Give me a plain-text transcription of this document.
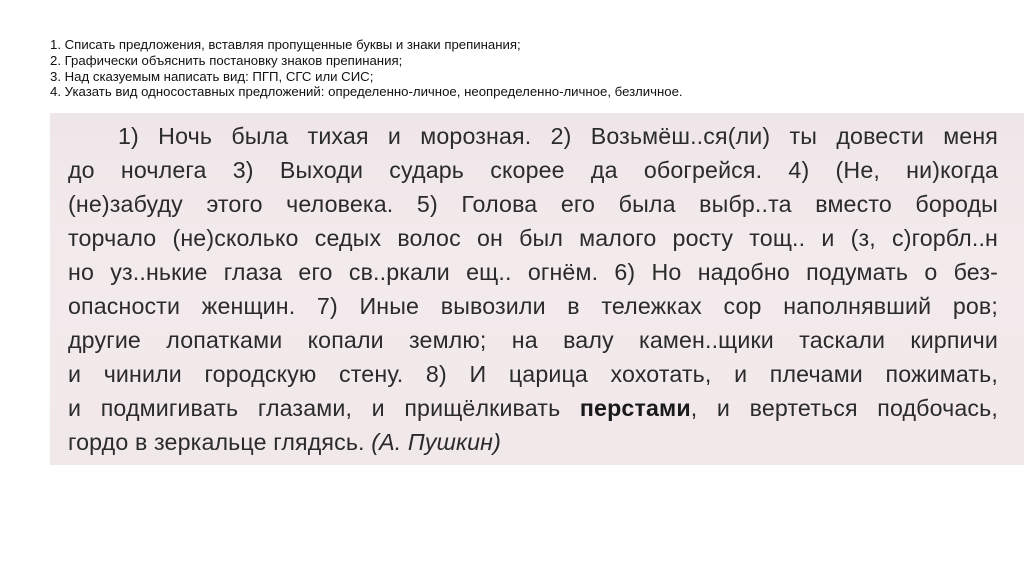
1. Списать предложения, вставляя пропущенные буквы и знаки препинания;
2. Графически объяснить постановку знаков препинания;
3. Над сказуемым написать вид: ПГП, СГС или СИС;
4. Указать вид односоставных предложений: определенно-личное, неопределенно-личное, безличное.
1) Ночь была тихая и морозная. 2) Возьмёш..ся(ли) ты довести меня
до ночлега 3) Выходи сударь скорее да обогрейся. 4) (Не, ни)когда
(не)забуду этого человека. 5) Голова его была выбр..та вместо бороды
торчало (не)сколько седых волос он был малого росту тощ.. и (з, с)горбл..н
но уз..нькие глаза его св..ркали ещ.. огнём. 6) Но надобно подумать о без-
опасности женщин. 7) Иные вывозили в тележках сор наполнявший ров;
другие лопатками копали землю; на валу камен..щики таскали кирпичи
и чинили городскую стену. 8) И царица хохотать, и плечами пожимать,
и подмигивать глазами, и прищёлкивать перстами, и вертеться подбочась,
гордо в зеркальце глядясь. (А. Пушкин)
